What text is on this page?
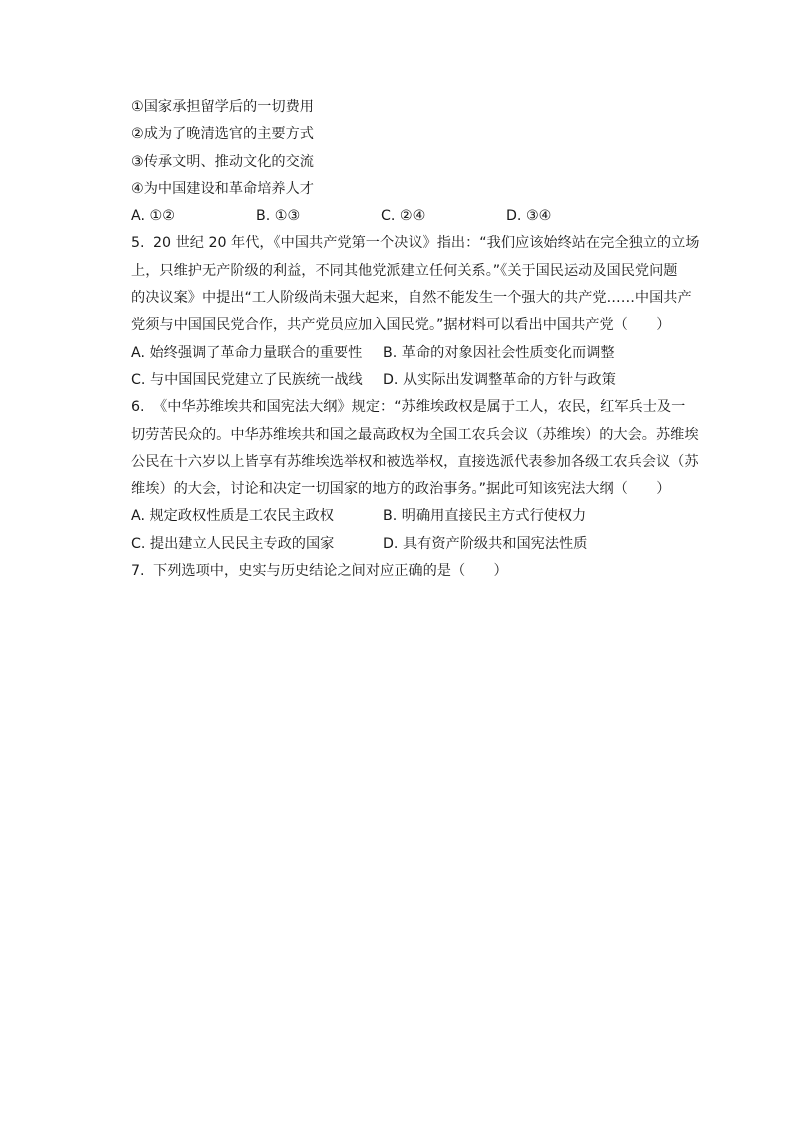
①国家承担留学后的一切费用
②成为了晚清选官的主要方式
③传承文明、推动文化的交流
④为中国建设和革命培养人才
A. ①②	B. ①③	C. ②④	D. ③④
5. 20 世纪 20 年代，《中国共产党第一个决议》指出：“我们应该始终站在完全独立的立场
上，只维护无产阶级的利益，不同其他党派建立任何关系。”《关于国民运动及国民党问题
的决议案》中提出“工人阶级尚未强大起来，自然不能发生一个强大的共产党……中国共产
党须与中国国民党合作，共产党员应加入国民党。”据材料可以看出中国共产党（　　）
A. 始终强调了革命力量联合的重要性	B. 革命的对象因社会性质变化而调整
C. 与中国国民党建立了民族统一战线	D. 从实际出发调整革命的方针与政策
6. 《中华苏维埃共和国宪法大纲》规定：“苏维埃政权是属于工人，农民，红军兵士及一
切劳苦民众的。中华苏维埃共和国之最高政权为全国工农兵会议（苏维埃）的大会。苏维埃
公民在十六岁以上皆享有苏维埃选举权和被选举权，直接选派代表参加各级工农兵会议（苏
维埃）的大会，讨论和决定一切国家的地方的政治事务。”据此可知该宪法大纲（　　）
A. 规定政权性质是工农民主政权	B. 明确用直接民主方式行使权力
C. 提出建立人民民主专政的国家	D. 具有资产阶级共和国宪法性质
7. 下列选项中，史实与历史结论之间对应正确的是（　　）
